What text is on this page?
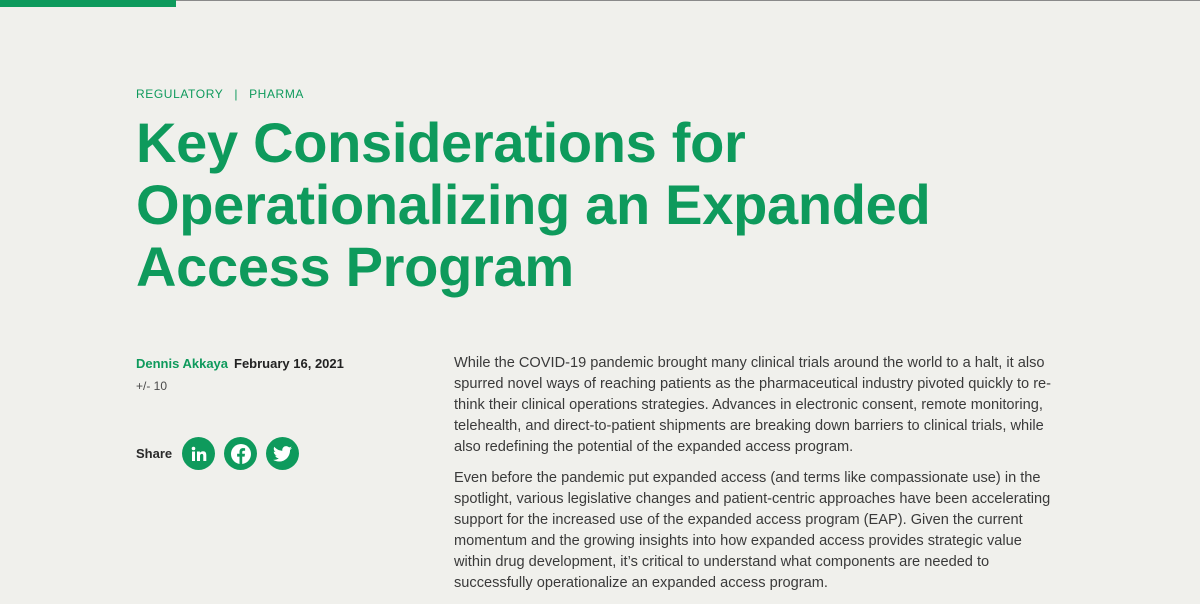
REGULATORY | PHARMA
Key Considerations for Operationalizing an Expanded Access Program
Dennis Akkaya February 16, 2021
+/- 10
Share

While the COVID-19 pandemic brought many clinical trials around the world to a halt, it also spurred novel ways of reaching patients as the pharmaceutical industry pivoted quickly to re-think their clinical operations strategies. Advances in electronic consent, remote monitoring, telehealth, and direct-to-patient shipments are breaking down barriers to clinical trials, while also redefining the potential of the expanded access program.

Even before the pandemic put expanded access (and terms like compassionate use) in the spotlight, various legislative changes and patient-centric approaches have been accelerating support for the increased use of the expanded access program (EAP). Given the current momentum and the growing insights into how expanded access provides strategic value within drug development, it’s critical to understand what components are needed to successfully operationalize an expanded access program.
